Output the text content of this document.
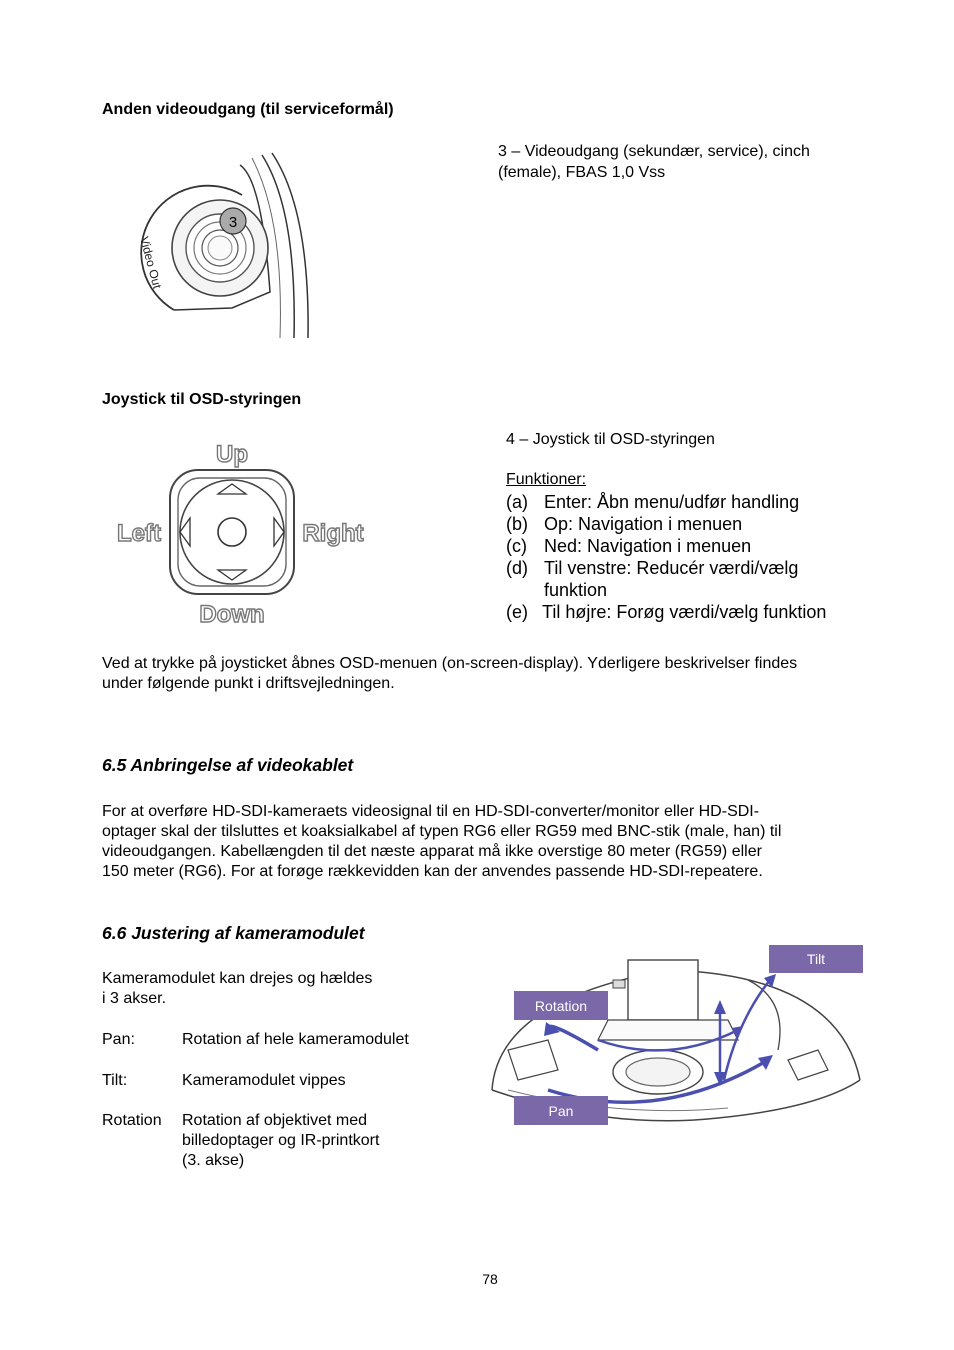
Anden videoudgang (til serviceformål)
3
Video Out
3 – Videoudgang (sekundær, service), cinch
(female), FBAS 1,0 Vss
Joystick til OSD-styringen
Up
Down
Left	Right
4 – Joystick til OSD-styringen
Funktioner:
(a) Enter: Åbn menu/udfør handling
(b) Op: Navigation i menuen
(c) Ned: Navigation i menuen
(d) Til venstre: Reducér værdi/vælg
funktion
(e) Til højre: Forøg værdi/vælg funktion
Ved at trykke på joysticket åbnes OSD-menuen (on-screen-display). Yderligere beskrivelser findes
under følgende punkt i driftsvejledningen.
6.5 Anbringelse af videokablet
For at overføre HD-SDI-kameraets videosignal til en HD-SDI-converter/monitor eller HD-SDI-
optager skal der tilsluttes et koaksialkabel af typen RG6 eller RG59 med BNC-stik (male, han) til
videoudgangen. Kabellængden til det næste apparat må ikke overstige 80 meter (RG59) eller
150 meter (RG6). For at forøge rækkevidden kan der anvendes passende HD-SDI-repeatere.
6.6 Justering af kameramodulet
Kameramodulet kan drejes og hældes
i 3 akser.
Pan:	Rotation af hele kameramodulet
Tilt:	Kameramodulet vippes
Rotation	Rotation af objektivet med
billedoptager og IR-printkort
(3. akse)
Tilt
Rotation
Pan
78
